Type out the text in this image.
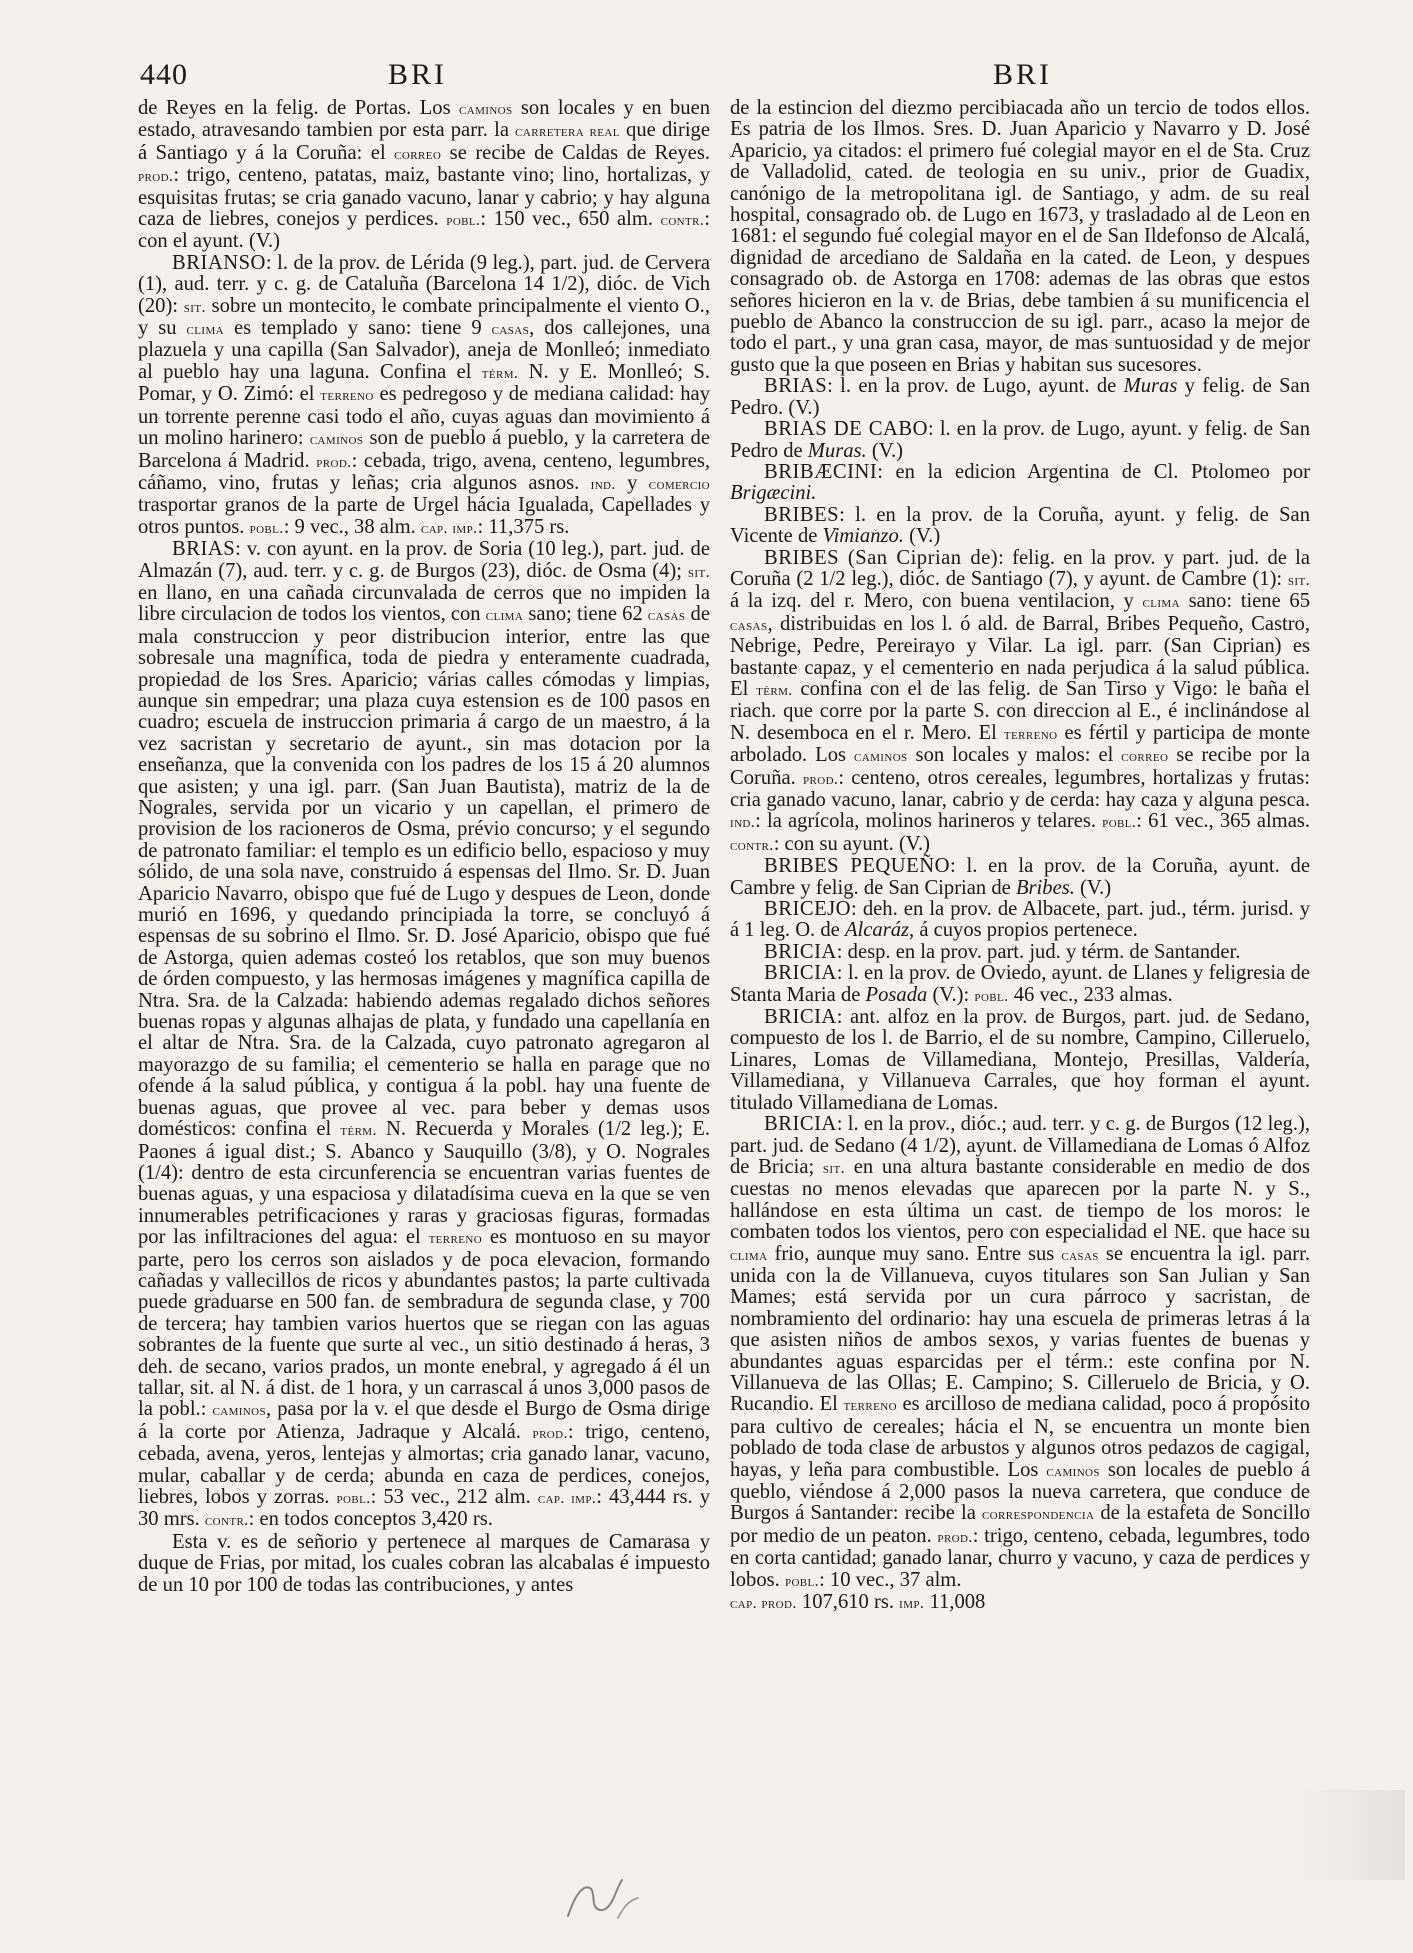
440	BRI	BRI

de Reyes en la felig. de Portas. Los caminos son locales y en buen estado, atravesando tambien por esta parr. la carretera real que dirige á Santiago y á la Coruña: el correo se recibe de Caldas de Reyes. prod.: trigo, centeno, patatas, maiz, bastante vino; lino, hortalizas, y esquisitas frutas; se cria ganado vacuno, lanar y cabrio; y hay alguna caza de liebres, conejos y perdices. pobl.: 150 vec., 650 alm. contr.: con el ayunt. (V.)

BRIANSO: l. de la prov. de Lérida (9 leg.), part. jud. de Cervera (1), aud. terr. y c. g. de Cataluña (Barcelona 14 1/2), dióc. de Vich (20): sit. sobre un montecito, le combate principalmente el viento O., y su clima es templado y sano: tiene 9 casas, dos callejones, una plazuela y una capilla (San Salvador), aneja de Monlleó; inmediato al pueblo hay una laguna. Confina el térm. N. y E. Monlleó; S. Pomar, y O. Zimó: el terreno es pedregoso y de mediana calidad: hay un torrente perenne casi todo el año, cuyas aguas dan movimiento á un molino harinero: caminos son de pueblo á pueblo, y la carretera de Barcelona á Madrid. prod.: cebada, trigo, avena, centeno, legumbres, cáñamo, vino, frutas y leñas; cria algunos asnos. ind. y comercio trasportar granos de la parte de Urgel hácia Igualada, Capellades y otros puntos. pobl.: 9 vec., 38 alm. cap. imp.: 11,375 rs.

BRIAS: v. con ayunt. en la prov. de Soria (10 leg.), part. jud. de Almazán (7), aud. terr. y c. g. de Burgos (23), dióc. de Osma (4); sit. en llano, en una cañada circunvalada de cerros que no impiden la libre circulacion de todos los vientos, con clima sano; tiene 62 casas de mala construccion y peor distribucion interior, entre las que sobresale una magnífica, toda de piedra y enteramente cuadrada, propiedad de los Sres. Aparicio; várias calles cómodas y limpias, aunque sin empedrar; una plaza cuya estension es de 100 pasos en cuadro; escuela de instruccion primaria á cargo de un maestro, á la vez sacristan y secretario de ayunt., sin mas dotacion por la enseñanza, que la convenida con los padres de los 15 á 20 alumnos que asisten; y una igl. parr. (San Juan Bautista), matriz de la de Nograles, servida por un vicario y un capellan, el primero de provision de los racioneros de Osma, prévio concurso; y el segundo de patronato familiar: el templo es un edificio bello, espacioso y muy sólido, de una sola nave, construido á espensas del Ilmo. Sr. D. Juan Aparicio Navarro, obispo que fué de Lugo y despues de Leon, donde murió en 1696, y quedando principiada la torre, se concluyó á espensas de su sobrino el Ilmo. Sr. D. José Aparicio, obispo que fué de Astorga, quien ademas costeó los retablos, que son muy buenos de órden compuesto, y las hermosas imágenes y magnífica capilla de Ntra. Sra. de la Calzada: habiendo ademas regalado dichos señores buenas ropas y algunas alhajas de plata, y fundado una capellanía en el altar de Ntra. Sra. de la Calzada, cuyo patronato agregaron al mayorazgo de su familia; el cementerio se halla en parage que no ofende á la salud pública, y contigua á la pobl. hay una fuente de buenas aguas, que provee al vec. para beber y demas usos domésticos: confina el térm. N. Recuerda y Morales (1/2 leg.); E. Paones á igual dist.; S. Abanco y Sauquillo (3/8), y O. Nograles (1/4): dentro de esta circunferencia se encuentran varias fuentes de buenas aguas, y una espaciosa y dilatadísima cueva en la que se ven innumerables petrificaciones y raras y graciosas figuras, formadas por las infiltraciones del agua: el terreno es montuoso en su mayor parte, pero los cerros son aislados y de poca elevacion, formando cañadas y vallecillos de ricos y abundantes pastos; la parte cultivada puede graduarse en 500 fan. de sembradura de segunda clase, y 700 de tercera; hay tambien varios huertos que se riegan con las aguas sobrantes de la fuente que surte al vec., un sitio destinado á heras, 3 deh. de secano, varios prados, un monte enebral, y agregado á él un tallar, sit. al N. á dist. de 1 hora, y un carrascal á unos 3,000 pasos de la pobl.: caminos, pasa por la v. el que desde el Burgo de Osma dirige á la corte por Atienza, Jadraque y Alcalá. prod.: trigo, centeno, cebada, avena, yeros, lentejas y almortas; cria ganado lanar, vacuno, mular, caballar y de cerda; abunda en caza de perdices, conejos, liebres, lobos y zorras. pobl.: 53 vec., 212 alm. cap. imp.: 43,444 rs. y 30 mrs. contr.: en todos conceptos 3,420 rs.

Esta v. es de señorio y pertenece al marques de Camarasa y duque de Frias, por mitad, los cuales cobran las alcabalas é impuesto de un 10 por 100 de todas las contribuciones, y antes

de la estincion del diezmo percibiacada año un tercio de todos ellos. Es patria de los Ilmos. Sres. D. Juan Aparicio y Navarro y D. José Aparicio, ya citados: el primero fué colegial mayor en el de Sta. Cruz de Valladolid, cated. de teologia en su univ., prior de Guadix, canónigo de la metropolitana igl. de Santiago, y adm. de su real hospital, consagrado ob. de Lugo en 1673, y trasladado al de Leon en 1681: el segundo fué colegial mayor en el de San Ildefonso de Alcalá, dignidad de arcediano de Saldaña en la cated. de Leon, y despues consagrado ob. de Astorga en 1708: ademas de las obras que estos señores hicieron en la v. de Brias, debe tambien á su munificencia el pueblo de Abanco la construccion de su igl. parr., acaso la mejor de todo el part., y una gran casa, mayor, de mas suntuosidad y de mejor gusto que la que poseen en Brias y habitan sus sucesores.

BRIAS: l. en la prov. de Lugo, ayunt. de Muras y felig. de San Pedro. (V.)

BRIAS DE CABO: l. en la prov. de Lugo, ayunt. y felig. de San Pedro de Muras. (V.)

BRIBÆCINI: en la edicion Argentina de Cl. Ptolomeo por Brigæcini.

BRIBES: l. en la prov. de la Coruña, ayunt. y felig. de San Vicente de Vimianzo. (V.)

BRIBES (San Ciprian de): felig. en la prov. y part. jud. de la Coruña (2 1/2 leg.), dióc. de Santiago (7), y ayunt. de Cambre (1): sit. á la izq. del r. Mero, con buena ventilacion, y clima sano: tiene 65 casas, distribuidas en los l. ó ald. de Barral, Bribes Pequeño, Castro, Nebrige, Pedre, Pereirayo y Vilar. La igl. parr. (San Ciprian) es bastante capaz, y el cementerio en nada perjudica á la salud pública. El térm. confina con el de las felig. de San Tirso y Vigo: le baña el riach. que corre por la parte S. con direccion al E., é inclinándose al N. desemboca en el r. Mero. El terreno es fértil y participa de monte arbolado. Los caminos son locales y malos: el correo se recibe por la Coruña. prod.: centeno, otros cereales, legumbres, hortalizas y frutas: cria ganado vacuno, lanar, cabrio y de cerda: hay caza y alguna pesca. ind.: la agrícola, molinos harineros y telares. pobl.: 61 vec., 365 almas. contr.: con su ayunt. (V.)

BRIBES PEQUEÑO: l. en la prov. de la Coruña, ayunt. de Cambre y felig. de San Ciprian de Bribes. (V.)

BRICEJO: deh. en la prov. de Albacete, part. jud., térm. jurisd. y á 1 leg. O. de Alcaráz, á cuyos propios pertenece.

BRICIA: desp. en la prov. part. jud. y térm. de Santander.

BRICIA: l. en la prov. de Oviedo, ayunt. de Llanes y feligresia de Stanta Maria de Posada (V.): pobl. 46 vec., 233 almas.

BRICIA: ant. alfoz en la prov. de Burgos, part. jud. de Sedano, compuesto de los l. de Barrio, el de su nombre, Campino, Cilleruelo, Linares, Lomas de Villamediana, Montejo, Presillas, Valdería, Villamediana, y Villanueva Carrales, que hoy forman el ayunt. titulado Villamediana de Lomas.

BRICIA: l. en la prov., dióc.; aud. terr. y c. g. de Burgos (12 leg.), part. jud. de Sedano (4 1/2), ayunt. de Villamediana de Lomas ó Alfoz de Bricia; sit. en una altura bastante considerable en medio de dos cuestas no menos elevadas que aparecen por la parte N. y S., hallándose en esta última un cast. de tiempo de los moros: le combaten todos los vientos, pero con especialidad el NE. que hace su clima frio, aunque muy sano. Entre sus casas se encuentra la igl. parr. unida con la de Villanueva, cuyos titulares son San Julian y San Mames; está servida por un cura párroco y sacristan, de nombramiento del ordinario: hay una escuela de primeras letras á la que asisten niños de ambos sexos, y varias fuentes de buenas y abundantes aguas esparcidas per el térm.: este confina por N. Villanueva de las Ollas; E. Campino; S. Cilleruelo de Bricia, y O. Rucandio. El terreno es arcilloso de mediana calidad, poco á propósito para cultivo de cereales; hácia el N, se encuentra un monte bien poblado de toda clase de arbustos y algunos otros pedazos de cagigal, hayas, y leña para combustible. Los caminos son locales de pueblo á queblo, viéndose á 2,000 pasos la nueva carretera, que conduce de Burgos á Santander: recibe la correspondencia de la estafeta de Soncillo por medio de un peaton. prod.: trigo, centeno, cebada, legumbres, todo en corta cantidad; ganado lanar, churro y vacuno, y caza de perdices y lobos. pobl.: 10 vec., 37 alm.

cap. prod. 107,610 rs. imp. 11,008
